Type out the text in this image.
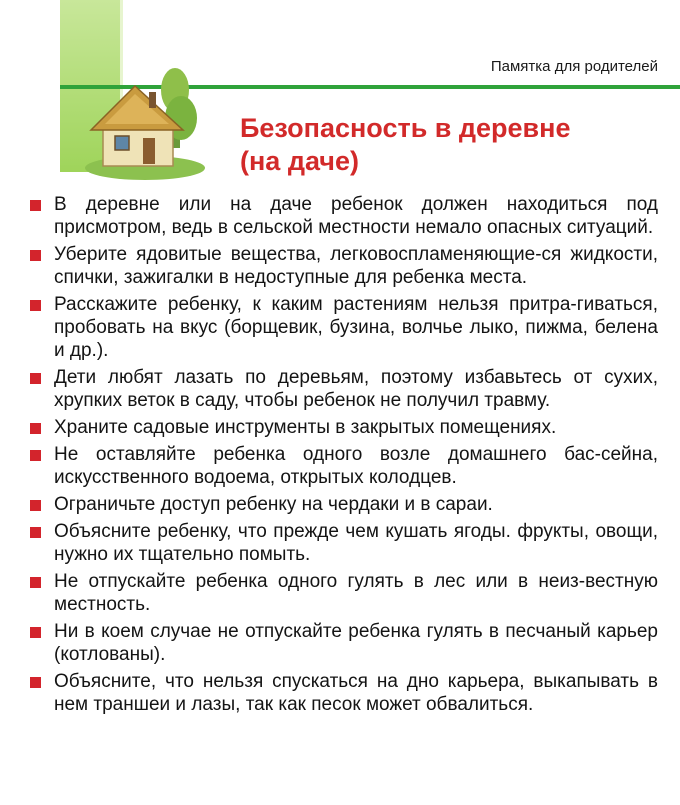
Памятка для родителей
Безопасность в деревне
(на даче)
В деревне или на даче ребенок должен находиться под присмотром, ведь в сельской местности немало опасных ситуаций.
Уберите ядовитые вещества, легковоспламеняющие-ся жидкости, спички, зажигалки в недоступные для ребенка места.
Расскажите ребенку, к каким растениям нельзя притра-гиваться, пробовать на вкус (борщевик, бузина, волчье лыко, пижма, белена и др.).
Дети любят лазать по деревьям, поэтому избавьтесь от сухих, хрупких веток в саду, чтобы ребенок не получил травму.
Храните садовые инструменты в закрытых помещениях.
Не оставляйте ребенка одного возле домашнего бас-сейна, искусственного водоема, открытых колодцев.
Ограничьте доступ ребенку на чердаки и в сараи.
Объясните ребенку, что прежде чем кушать ягоды. фрукты, овощи, нужно их тщательно помыть.
Не отпускайте ребенка одного гулять в лес или в неиз-вестную местность.
Ни в коем случае не отпускайте ребенка гулять в песчаный карьер (котлованы).
Объясните, что нельзя спускаться на дно карьера, выкапывать в нем траншеи и лазы, так как песок может обвалиться.
